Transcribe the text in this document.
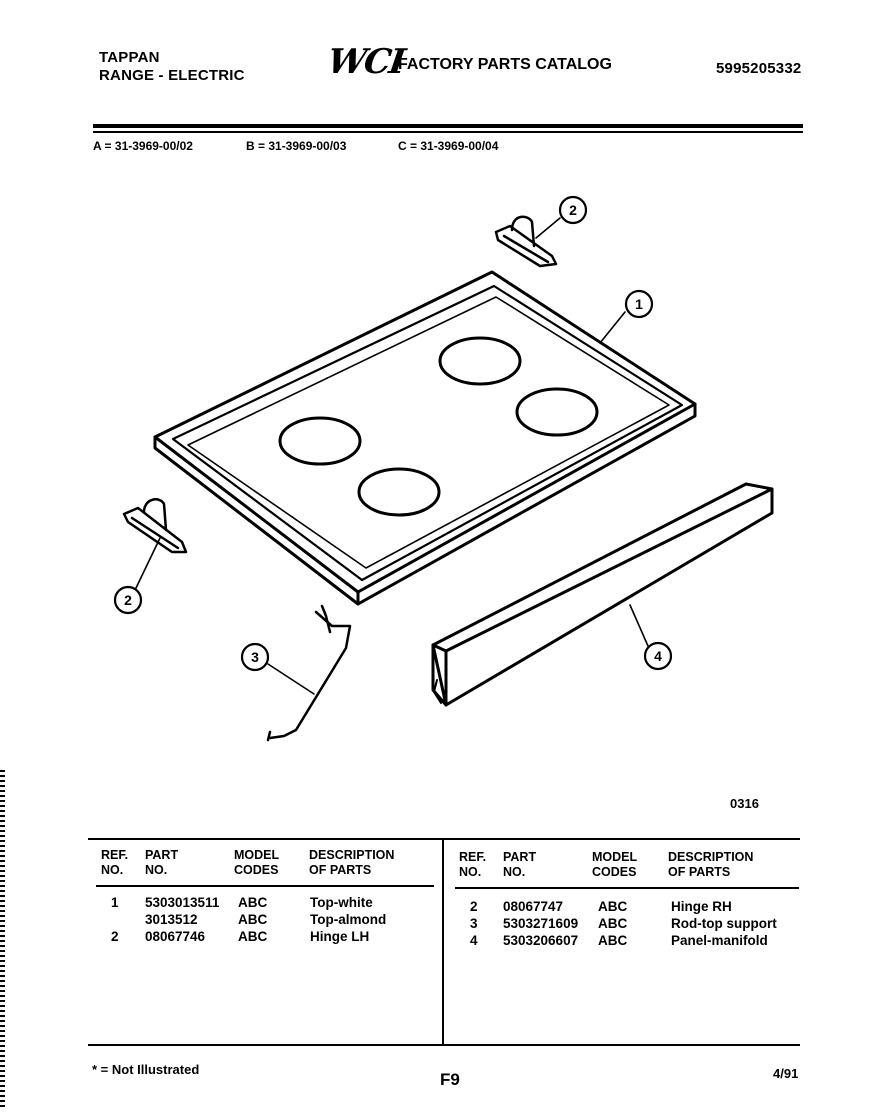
TAPPAN
RANGE - ELECTRIC WCI
FACTORY PARTS CATALOG	5995205332
A = 31-3969-00/02	B = 31-3969-00/03	C = 31-3969-00/04
1
2
2
3	4
0316
REF.
NO.
PART
NO.
MODEL
CODES
DESCRIPTION
OF PARTS
REF.
NO.
PART
NO.
MODEL
CODES
DESCRIPTION
OF PARTS
1 5303013511 ABC	Top-white
3013512	ABC	Top-almond
2 08067746 ABC	Hinge LH
2 08067747	ABC	Hinge RH
3 5303271609 ABC	Rod-top support
4 5303206607 ABC	Panel-manifold
* = Not Illustrated
F9	4/91
